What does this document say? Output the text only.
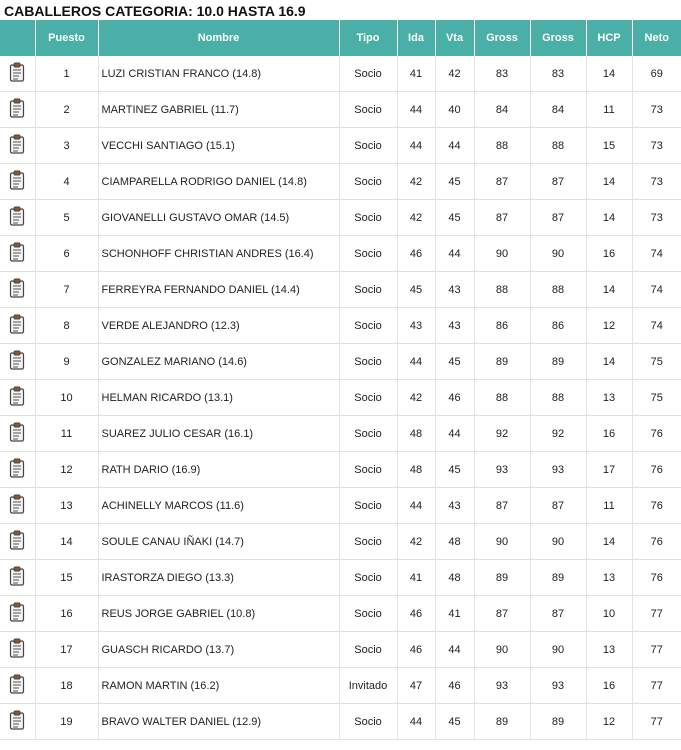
CABALLEROS CATEGORIA: 10.0 HASTA 16.9
	Puesto	Nombre	Tipo	Ida	Vta	Gross	Gross	HCP	Neto
	1	LUZI CRISTIAN FRANCO (14.8)	Socio	41	42	83	83	14	69
	2	MARTINEZ GABRIEL (11.7)	Socio	44	40	84	84	11	73
	3	VECCHI SANTIAGO (15.1)	Socio	44	44	88	88	15	73
	4	CIAMPARELLA RODRIGO DANIEL (14.8)	Socio	42	45	87	87	14	73
	5	GIOVANELLI GUSTAVO OMAR (14.5)	Socio	42	45	87	87	14	73
	6	SCHONHOFF CHRISTIAN ANDRES (16.4)	Socio	46	44	90	90	16	74
	7	FERREYRA FERNANDO DANIEL (14.4)	Socio	45	43	88	88	14	74
	8	VERDE ALEJANDRO (12.3)	Socio	43	43	86	86	12	74
	9	GONZALEZ MARIANO (14.6)	Socio	44	45	89	89	14	75
	10	HELMAN RICARDO (13.1)	Socio	42	46	88	88	13	75
	11	SUAREZ JULIO CESAR (16.1)	Socio	48	44	92	92	16	76
	12	RATH DARIO (16.9)	Socio	48	45	93	93	17	76
	13	ACHINELLY MARCOS (11.6)	Socio	44	43	87	87	11	76
	14	SOULE CANAU IÑAKI (14.7)	Socio	42	48	90	90	14	76
	15	IRASTORZA DIEGO (13.3)	Socio	41	48	89	89	13	76
	16	REUS JORGE GABRIEL (10.8)	Socio	46	41	87	87	10	77
	17	GUASCH RICARDO (13.7)	Socio	46	44	90	90	13	77
	18	RAMON MARTIN (16.2)	Invitado	47	46	93	93	16	77
	19	BRAVO WALTER DANIEL (12.9)	Socio	44	45	89	89	12	77
